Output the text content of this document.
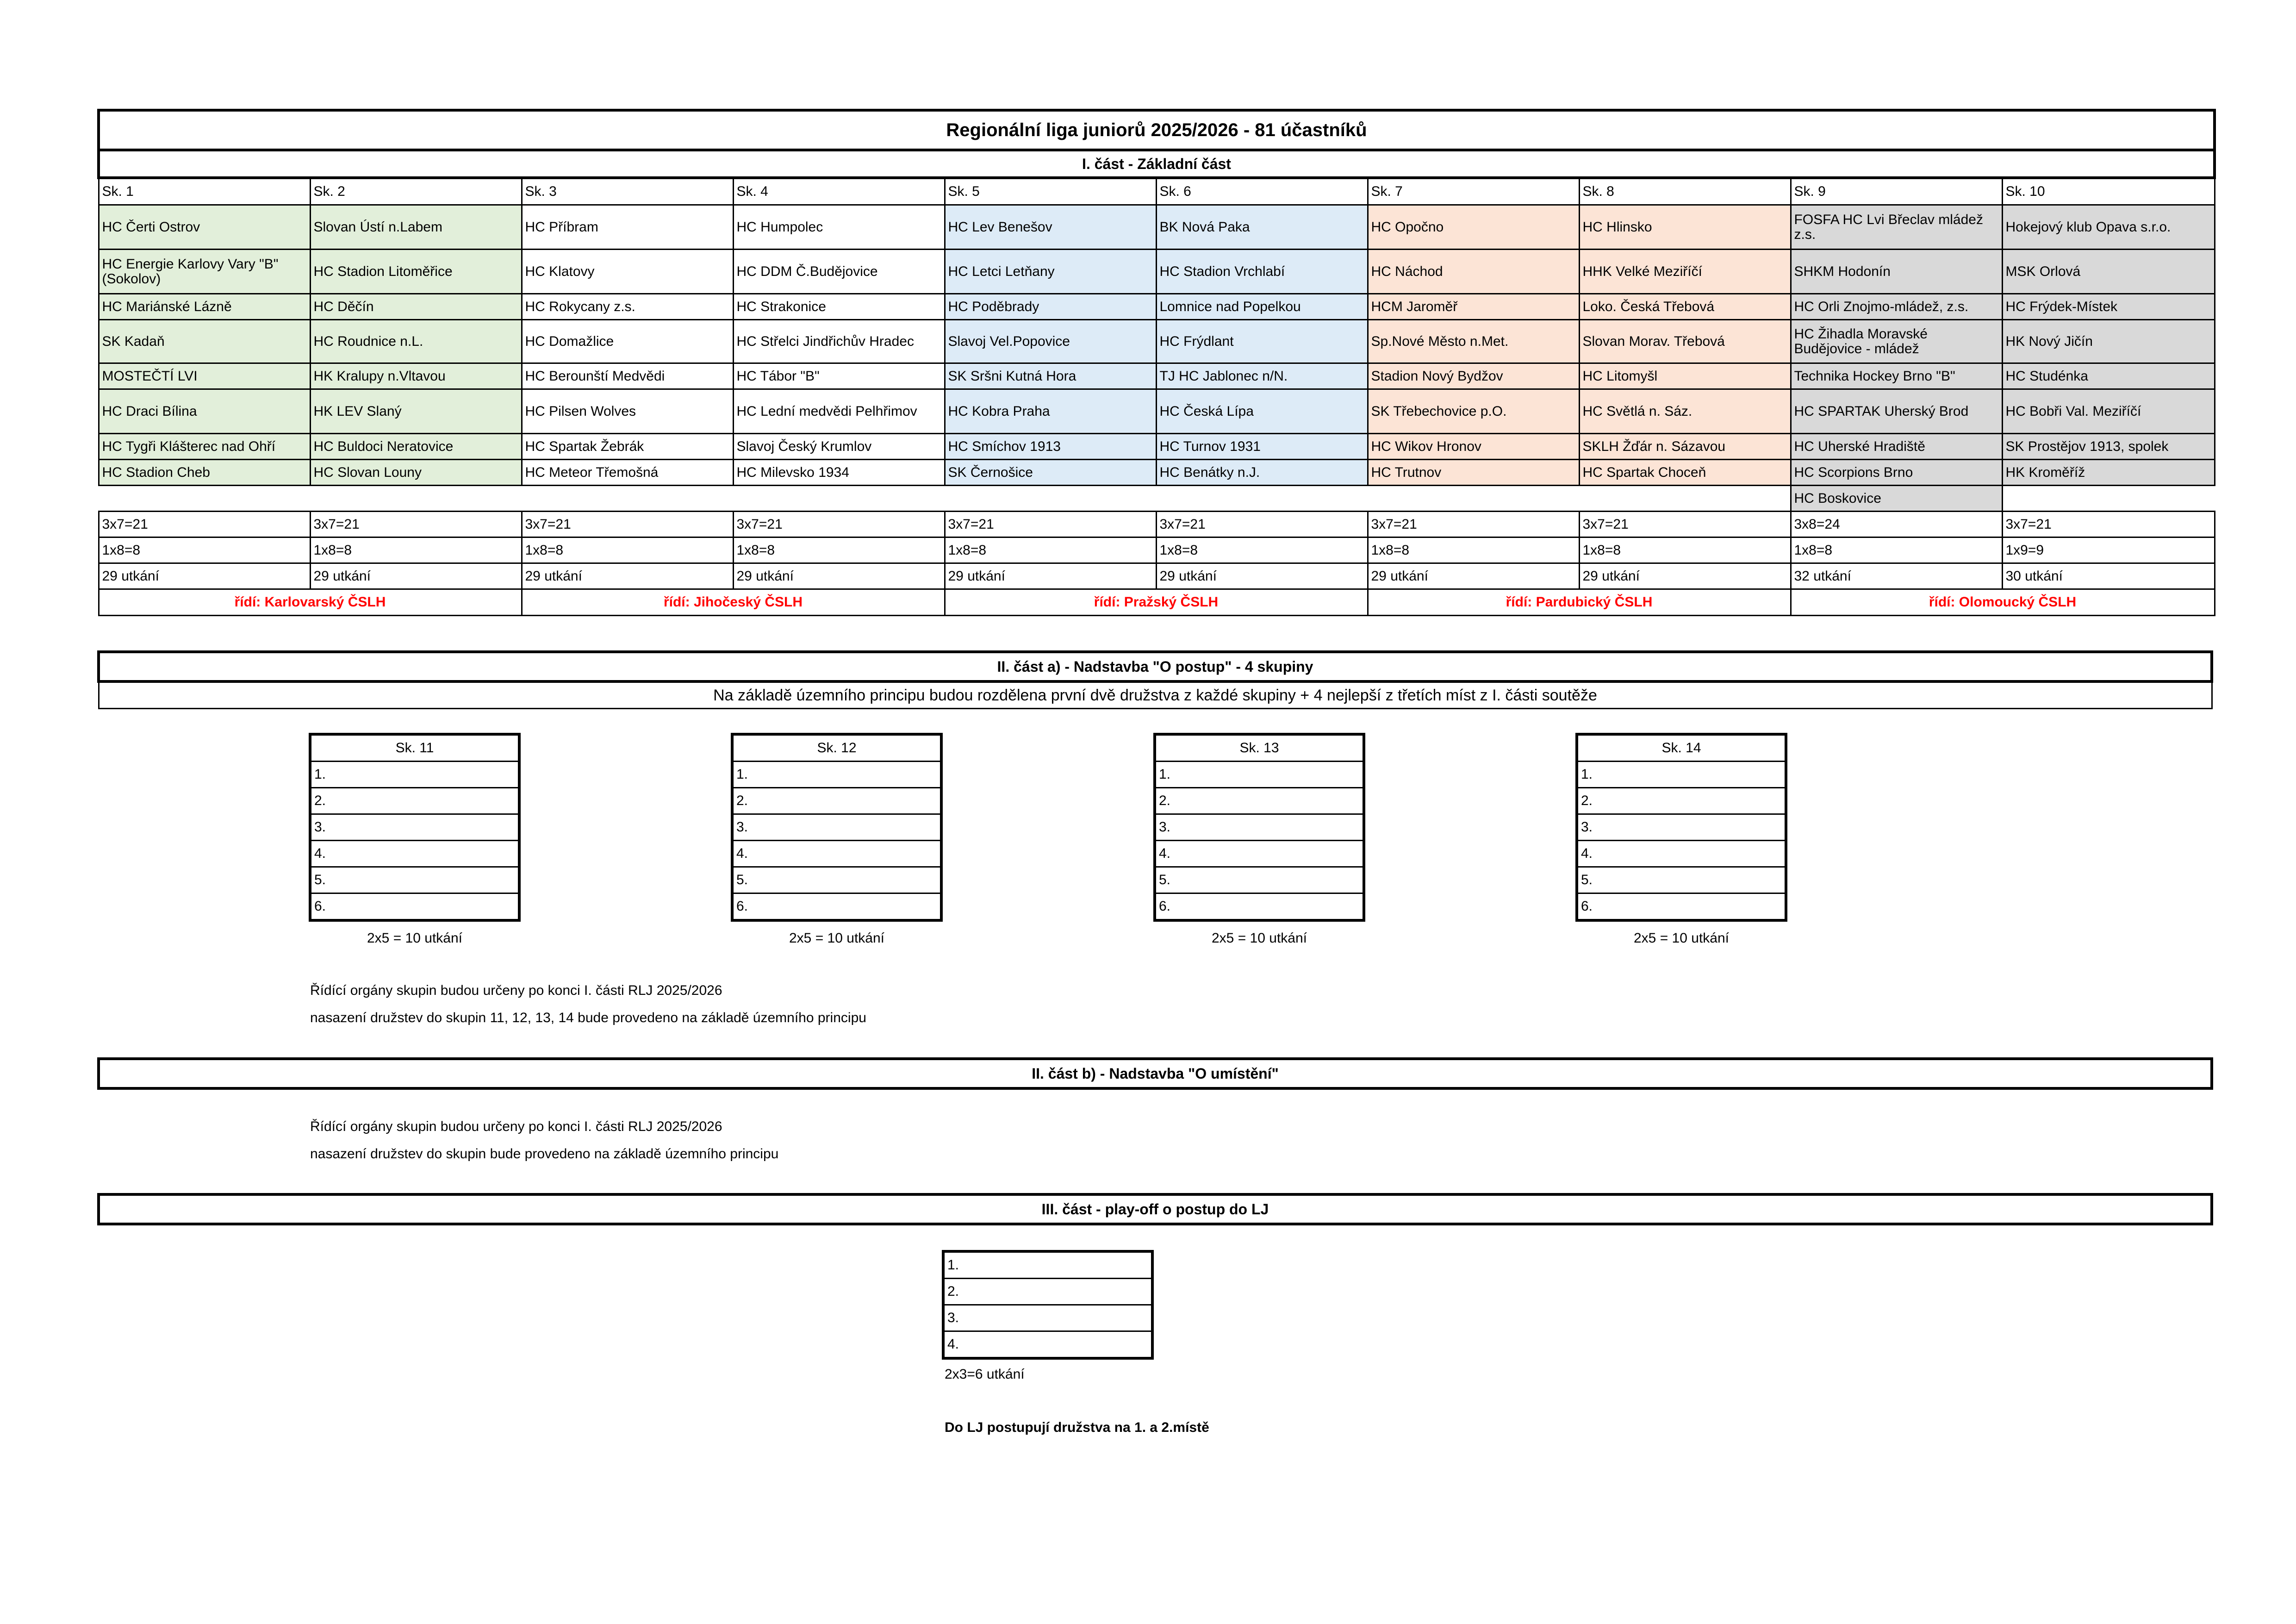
Regionální liga juniorů 2025/2026 - 81 účastníků									
I. část - Základní část									
Sk. 1	Sk. 2	Sk. 3	Sk. 4	Sk. 5	Sk. 6	Sk. 7	Sk. 8	Sk. 9	Sk. 10
HC Čerti Ostrov	Slovan Ústí n.Labem	HC Příbram	HC Humpolec	HC Lev Benešov	BK Nová Paka	HC Opočno	HC Hlinsko	FOSFA HC Lvi Břeclav mládež z.s.	Hokejový klub Opava s.r.o.
HC Energie Karlovy Vary "B" (Sokolov)	HC Stadion Litoměřice	HC Klatovy	HC DDM Č.Budějovice	HC Letci Letňany	HC Stadion Vrchlabí	HC Náchod	HHK Velké Meziříčí	SHKM Hodonín	MSK Orlová
HC Mariánské Lázně	HC Děčín	HC Rokycany z.s.	HC Strakonice	HC Poděbrady	Lomnice nad Popelkou	HCM Jaroměř	Loko. Česká Třebová	HC Orli Znojmo-mládež, z.s.	HC Frýdek-Místek
SK Kadaň	HC Roudnice n.L.	HC Domažlice	HC Střelci Jindřichův Hradec	Slavoj Vel.Popovice	HC Frýdlant	Sp.Nové Město n.Met.	Slovan Morav. Třebová	HC Žihadla Moravské Budějovice - mládež	HK Nový Jičín
MOSTEČTÍ LVI	HK Kralupy n.Vltavou	HC Berounští Medvědi	HC Tábor "B"	SK Sršni Kutná Hora	TJ HC Jablonec n/N.	Stadion Nový Bydžov	HC Litomyšl	Technika Hockey Brno "B"	HC Studénka
HC Draci Bílina	HK LEV Slaný	HC Pilsen Wolves	HC Lední medvědi Pelhřimov	HC Kobra Praha	HC Česká Lípa	SK Třebechovice p.O.	HC Světlá n. Sáz.	HC SPARTAK Uherský Brod	HC Bobři Val. Meziříčí
HC Tygři Klášterec nad Ohří	HC Buldoci Neratovice	HC Spartak Žebrák	Slavoj Český Krumlov	HC Smíchov 1913	HC Turnov 1931	HC Wikov Hronov	SKLH Žďár n. Sázavou	HC Uherské Hradiště	SK Prostějov 1913, spolek
HC Stadion Cheb	HC Slovan Louny	HC Meteor Třemošná	HC Milevsko 1934	SK Černošice	HC Benátky n.J.	HC Trutnov	HC Spartak Choceň	HC Scorpions Brno	HK Kroměříž
								HC Boskovice	
3x7=21	3x7=21	3x7=21	3x7=21	3x7=21	3x7=21	3x7=21	3x7=21	3x8=24	3x7=21
1x8=8	1x8=8	1x8=8	1x8=8	1x8=8	1x8=8	1x8=8	1x8=8	1x8=8	1x9=9
29 utkání	29 utkání	29 utkání	29 utkání	29 utkání	29 utkání	29 utkání	29 utkání	32 utkání	30 utkání
řídí: Karlovarský ČSLH		řídí: Jihočeský ČSLH		řídí: Pražský ČSLH		řídí: Pardubický ČSLH		řídí: Olomoucký ČSLH	
II. část a) - Nadstavba "O postup" - 4 skupiny
Na základě územního principu budou rozdělena první dvě družstva z každé skupiny + 4 nejlepší z třetích míst z I. části soutěže
Sk. 11
1.
2.
3.
4.
5.
6.
Sk. 12
1.
2.
3.
4.
5.
6.
Sk. 13
1.
2.
3.
4.
5.
6.
Sk. 14
1.
2.
3.
4.
5.
6.
2x5 = 10 utkání	2x5 = 10 utkání	2x5 = 10 utkání	2x5 = 10 utkání
Řídící orgány skupin budou určeny po konci I. části RLJ 2025/2026
nasazení družstev do skupin 11, 12, 13, 14 bude provedeno na základě územního principu
II. část b) - Nadstavba "O umístění"
Řídící orgány skupin budou určeny po konci I. části RLJ 2025/2026
nasazení družstev do skupin bude provedeno na základě územního principu
III. část - play-off o postup do LJ
1.
2.
3.
4.
2x3=6 utkání
Do LJ postupují družstva na 1. a 2.místě
